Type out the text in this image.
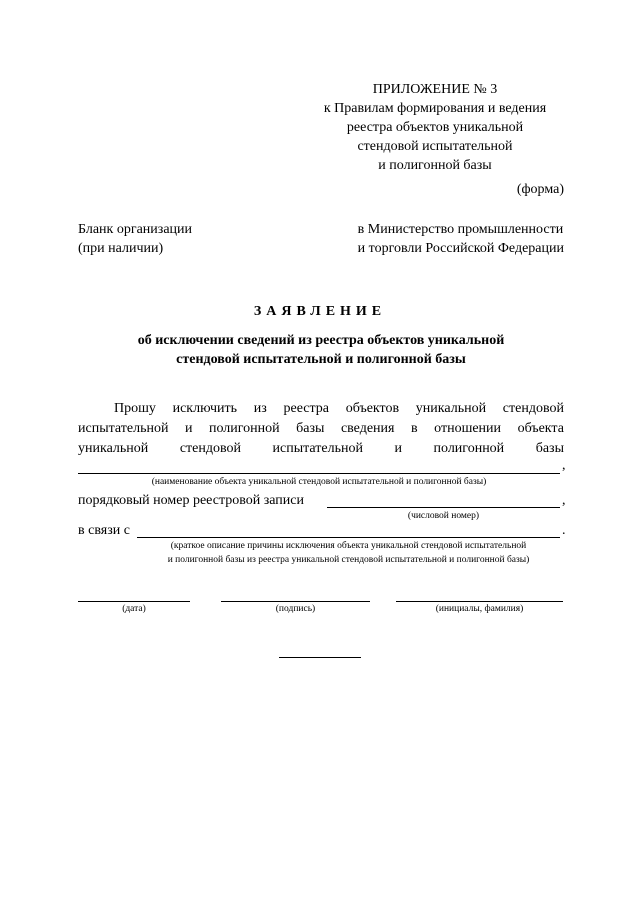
ПРИЛОЖЕНИЕ № 3
к Правилам формирования и ведения
реестра объектов уникальной
стендовой испытательной
и полигонной базы
(форма)
Бланк организации
(при наличии)
в Министерство промышленности
и торговли Российской Федерации
ЗАЯВЛЕНИЕ
об исключении сведений из реестра объектов уникальной
стендовой испытательной и полигонной базы
Прошу исключить из реестра объектов уникальной стендовой
испытательной и полигонной базы сведения в отношении объекта
уникальной стендовой испытательной и полигонной базы
,
(наименование объекта уникальной стендовой испытательной и полигонной базы)
порядковый номер реестровой записи	,
(числовой номер)
в связи с	.
(краткое описание причины исключения объекта уникальной стендовой испытательной
и полигонной базы из реестра уникальной стендовой испытательной и полигонной базы)
(дата)	(подпись)	(инициалы, фамилия)
